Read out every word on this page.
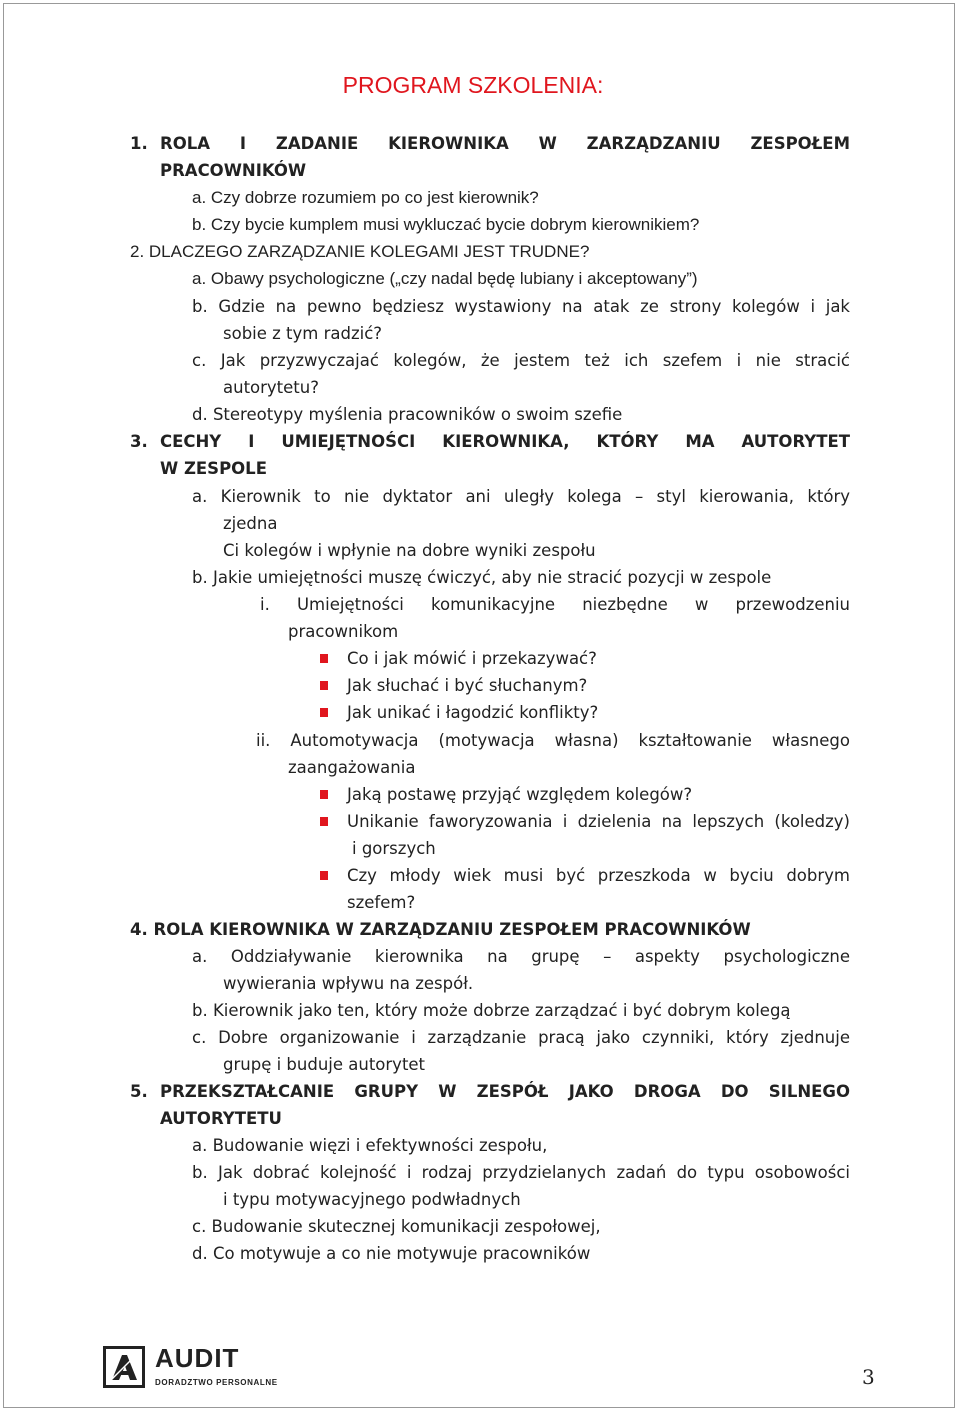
PROGRAM SZKOLENIA:
1. ROLA I ZADANIE KIEROWNIKA W ZARZĄDZANIU ZESPOŁEM
PRACOWNIKÓW
a. Czy dobrze rozumiem po co jest kierownik?
b. Czy bycie kumplem musi wykluczać bycie dobrym kierownikiem?
2. DLACZEGO ZARZĄDZANIE KOLEGAMI JEST TRUDNE?
a. Obawy psychologiczne („czy nadal będę lubiany i akceptowany”)
b. Gdzie na pewno będziesz wystawiony na atak ze strony kolegów i jak
sobie z tym radzić?
c. Jak przyzwyczajać kolegów, że jestem też ich szefem i nie stracić
autorytetu?
d. Stereotypy myślenia pracowników o swoim szefie
3. CECHY I UMIEJĘTNOŚCI KIEROWNIKA, KTÓRY MA AUTORYTET
W ZESPOLE
a. Kierownik to nie dyktator ani uległy kolega – styl kierowania, który
zjedna
Ci kolegów i wpłynie na dobre wyniki zespołu
b. Jakie umiejętności muszę ćwiczyć, aby nie stracić pozycji w zespole
i. Umiejętności komunikacyjne niezbędne w przewodzeniu
pracownikom
Co i jak mówić i przekazywać?
Jak słuchać i być słuchanym?
Jak unikać i łagodzić konflikty?
ii. Automotywacja (motywacja własna) kształtowanie własnego
zaangażowania
Jaką postawę przyjąć względem kolegów?
Unikanie faworyzowania i dzielenia na lepszych (koledzy)
i gorszych
Czy młody wiek musi być przeszkoda w byciu dobrym
szefem?
4. ROLA KIEROWNIKA W ZARZĄDZANIU ZESPOŁEM PRACOWNIKÓW
a. Oddziaływanie kierownika na grupę – aspekty psychologiczne
wywierania wpływu na zespół.
b. Kierownik jako ten, który może dobrze zarządzać i być dobrym kolegą
c. Dobre organizowanie i zarządzanie pracą jako czynniki, który zjednuje
grupę i buduje autorytet
5. PRZEKSZTAŁCANIE GRUPY W ZESPÓŁ JAKO DROGA DO SILNEGO
AUTORYTETU
a. Budowanie więzi i efektywności zespołu,
b. Jak dobrać kolejność i rodzaj przydzielanych zadań do typu osobowości
i typu motywacyjnego podwładnych
c. Budowanie skutecznej komunikacji zespołowej,
d. Co motywuje a co nie motywuje pracowników
AUDIT
DORADZTWO PERSONALNE	3
